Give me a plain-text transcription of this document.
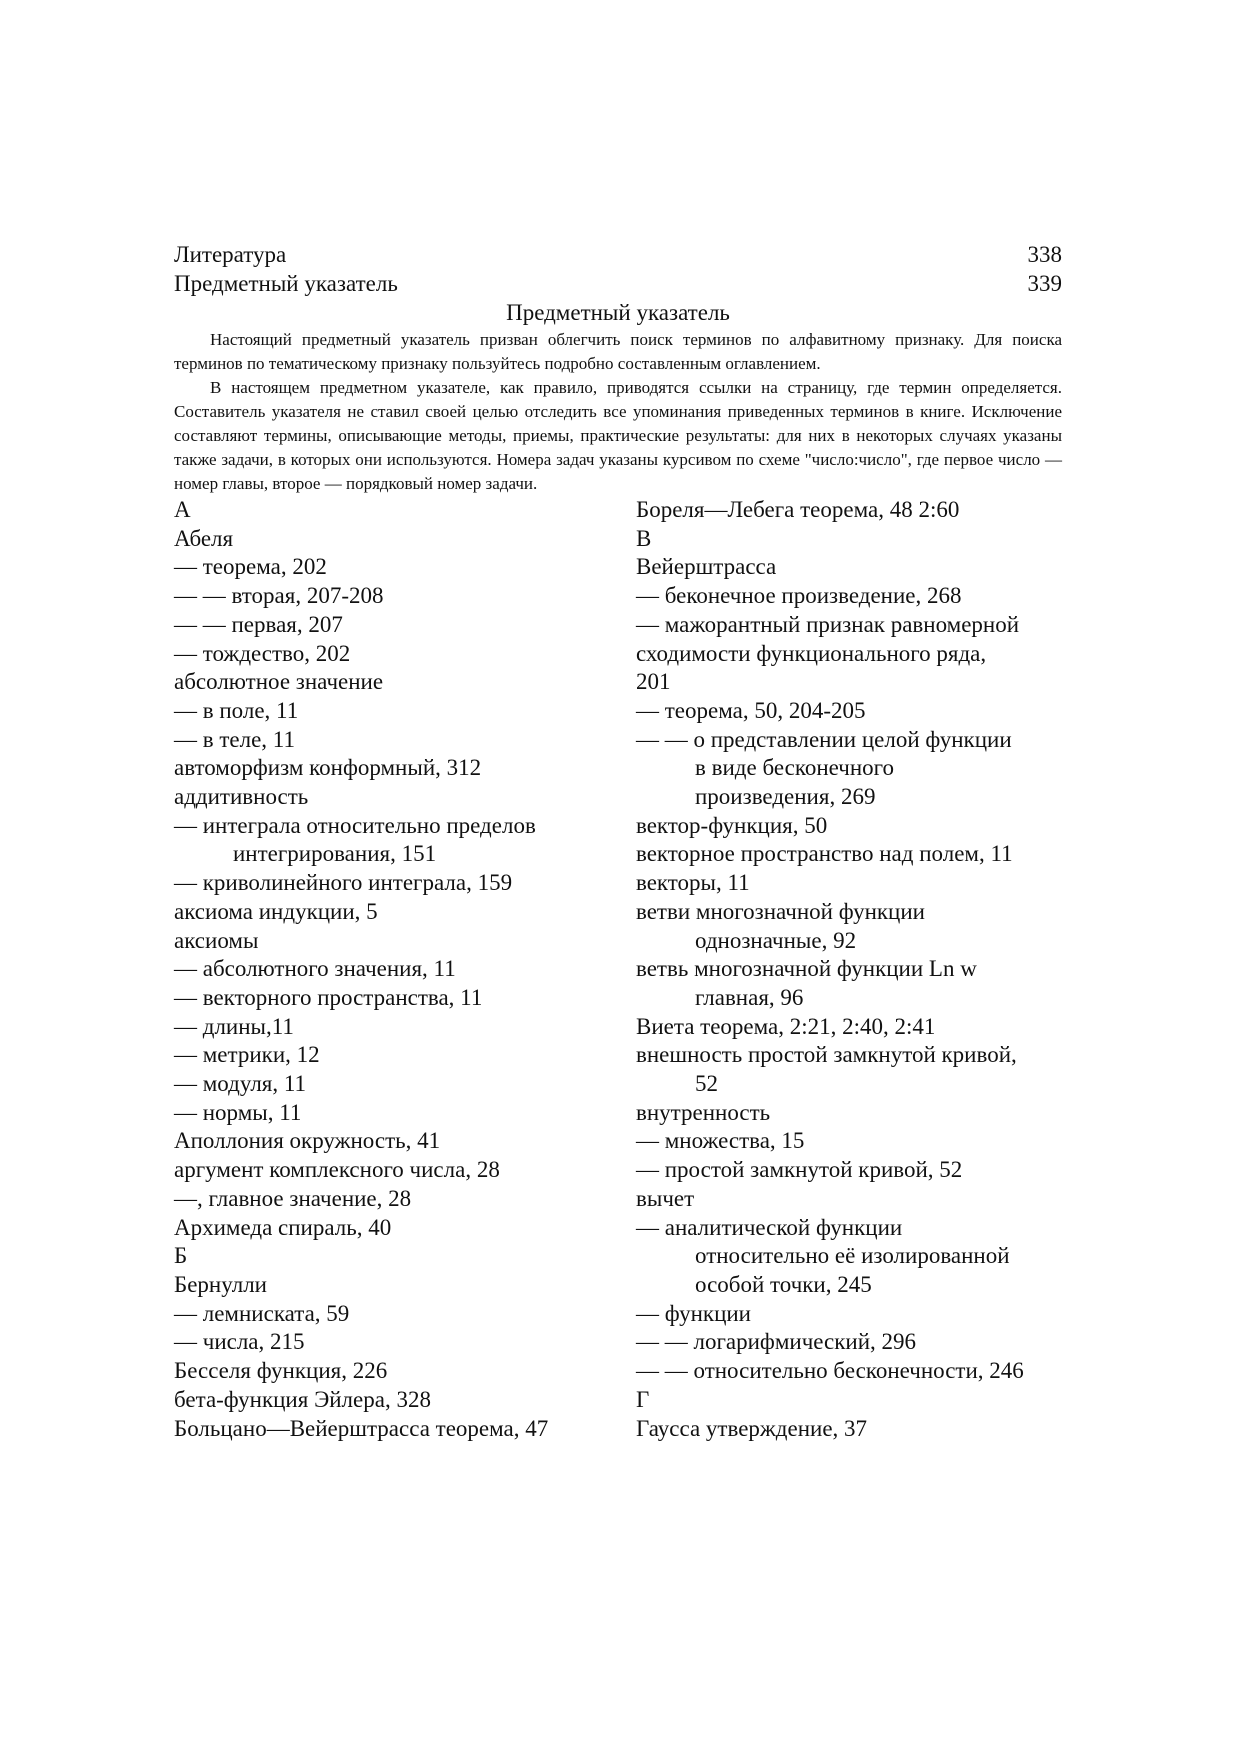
Литература	338
Предметный указатель	339
Предметный указатель

Настоящий предметный указатель призван облегчить поиск терминов по алфавитному признаку. Для поиска терминов по тематическому признаку пользуйтесь подробно составленным оглавлением.

В настоящем предметном указателе, как правило, приводятся ссылки на страницу, где термин определяется. Составитель указателя не ставил своей целью отследить все упоминания приведенных терминов в книге. Исключение составляют термины, описывающие методы, приемы, практические результаты: для них в некоторых случаях указаны также задачи, в которых они используются. Номера задач указаны курсивом по схеме "число:число", где первое число — номер главы, второе — порядковый номер задачи.

А
Абеля
— теорема, 202
— — вторая, 207-208
— — первая, 207
— тождество, 202
абсолютное значение
— в поле, 11
— в теле, 11
автоморфизм конформный, 312
аддитивность
— интеграла относительно пределов
интегрирования, 151
— криволинейного интеграла, 159
аксиома индукции, 5
аксиомы
— абсолютного значения, 11
— векторного пространства, 11
— длины,11
— метрики, 12
— модуля, 11
— нормы, 11
Аполлония окружность, 41
аргумент комплексного числа, 28
—, главное значение, 28
Архимеда спираль, 40
Б
Бернулли
— лемниската, 59
— числа, 215
Бесселя функция, 226
бета-функция Эйлера, 328
Больцано—Вейерштрасса теорема, 47
Бореля—Лебега теорема, 48 2:60
В
Вейерштрасса
— беконечное произведение, 268
— мажорантный признак равномерной
сходимости функционального ряда,
201
— теорема, 50, 204-205
— — о представлении целой функции
в виде бесконечного
произведения, 269
вектор-функция, 50
векторное пространство над полем, 11
векторы, 11
ветви многозначной функции
однозначные, 92
ветвь многозначной функции Ln w
главная, 96
Виета теорема, 2:21, 2:40, 2:41
внешность простой замкнутой кривой,
52
внутренность
— множества, 15
— простой замкнутой кривой, 52
вычет
— аналитической функции
относительно её изолированной
особой точки, 245
— функции
— — логарифмический, 296
— — относительно бесконечности, 246
Г
Гаусса утверждение, 37
